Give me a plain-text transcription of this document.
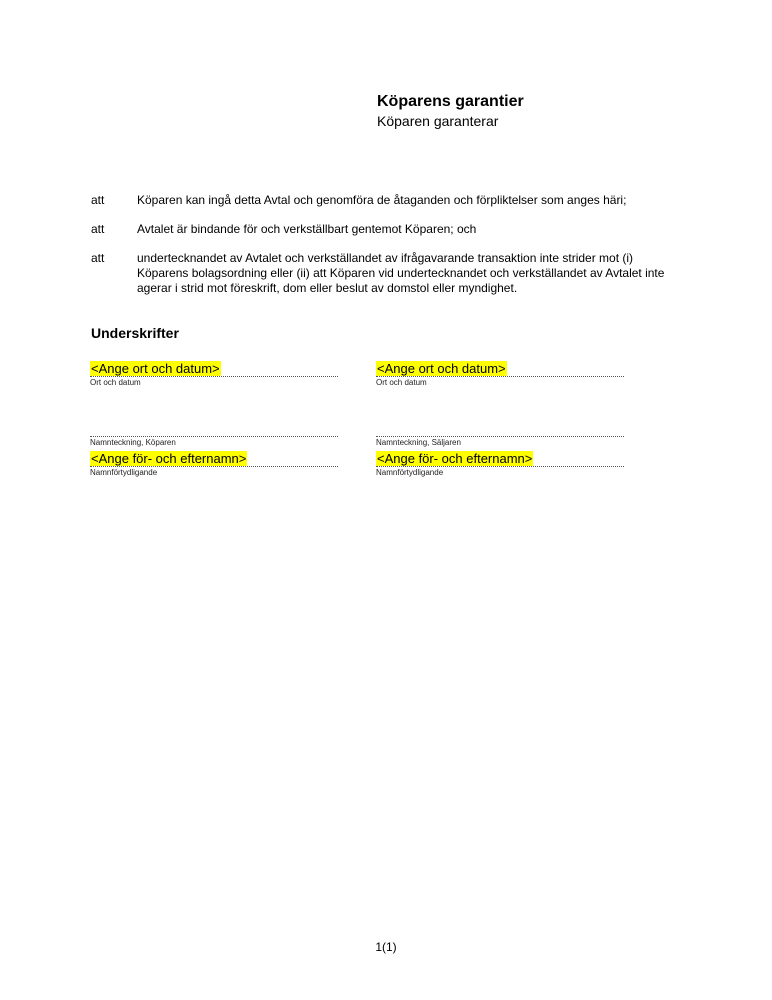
Köparens garantier
Köparen garanterar
att	Köparen kan ingå detta Avtal och genomföra de åtaganden och förpliktelser som anges häri;
att	Avtalet är bindande för och verkställbart gentemot Köparen; och
att	undertecknandet av Avtalet och verkställandet av ifrågavarande transaktion inte strider mot (i) Köparens bolagsordning eller (ii) att Köparen vid undertecknandet och verkställandet av Avtalet inte agerar i strid mot föreskrift, dom eller beslut av domstol eller myndighet.
Underskrifter
<Ange ort och datum>
Ort och datum
Namnteckning, Köparen
<Ange för- och efternamn>
Namnförtydligande
<Ange ort och datum>
Ort och datum
Namnteckning, Säljaren
<Ange för- och efternamn>
Namnförtydligande
1(1)
